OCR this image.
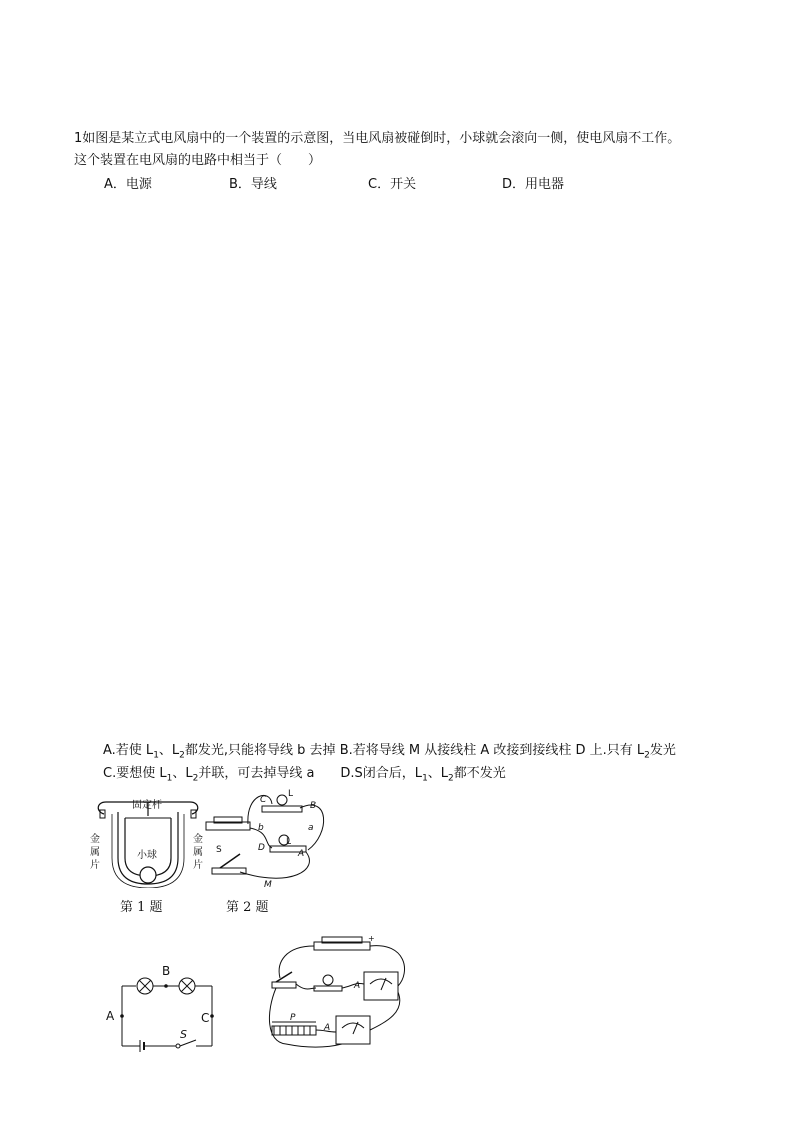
1如图是某立式电风扇中的一个装置的示意图，当电风扇被碰倒时，小球就会滚向一侧，使电风扇不工作。
这个装置在电风扇的电路中相当于（　　）
A．电源	B．导线	C．开关	D．用电器
A.若使 $L_1$、$L_2$都发光,只能将导线 b 去掉 B.若将导线 M 从接线柱 A 改接到接线柱 D 上.只有 $L_2$发光
C.要想使 $L_1$、$L_2$并联，可去掉导线 a　　D.S闭合后，$L_1$、$L_2$都不发光
固定杆
小球
金
属
片
金
属
片
第 1 题
C
L
B
b	a
S	D
L
A
M
第 2 题
B
A	C
S
+
A
P
A
